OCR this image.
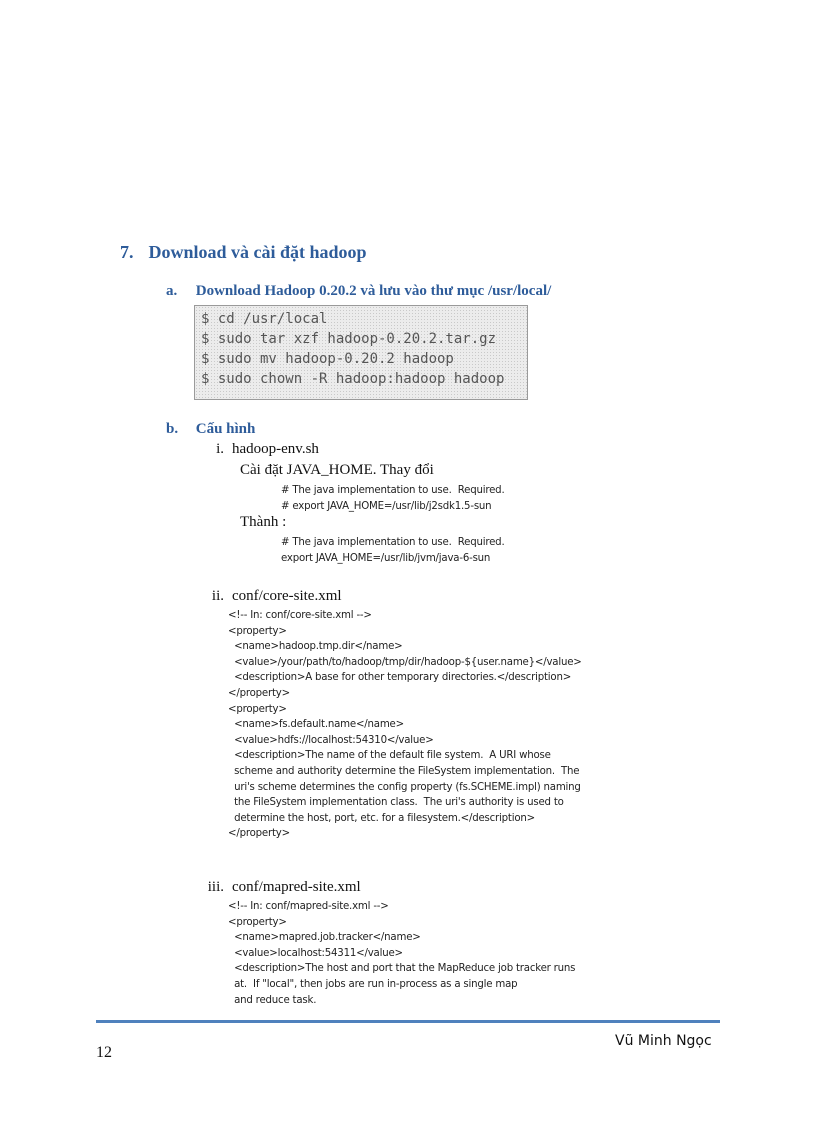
7. Download và cài đặt hadoop
a. Download Hadoop 0.20.2 và lưu vào thư mục /usr/local/
$ cd /usr/local
$ sudo tar xzf hadoop-0.20.2.tar.gz
$ sudo mv hadoop-0.20.2 hadoop
$ sudo chown -R hadoop:hadoop hadoop
b. Cấu hình
i. hadoop-env.sh
Cài đặt JAVA_HOME. Thay đổi
# The java implementation to use.  Required.
# export JAVA_HOME=/usr/lib/j2sdk1.5-sun
Thành :
# The java implementation to use.  Required.
export JAVA_HOME=/usr/lib/jvm/java-6-sun
ii. conf/core-site.xml
<!-- In: conf/core-site.xml -->
<property>
<name>hadoop.tmp.dir</name>
<value>/your/path/to/hadoop/tmp/dir/hadoop-${user.name}</value>
<description>A base for other temporary directories.</description>
</property>
<property>
<name>fs.default.name</name>
<value>hdfs://localhost:54310</value>
<description>The name of the default file system.  A URI whose
scheme and authority determine the FileSystem implementation.  The
uri's scheme determines the config property (fs.SCHEME.impl) naming
the FileSystem implementation class.  The uri's authority is used to
determine the host, port, etc. for a filesystem.</description>
</property>
iii. conf/mapred-site.xml
<!-- In: conf/mapred-site.xml -->
<property>
<name>mapred.job.tracker</name>
<value>localhost:54311</value>
<description>The host and port that the MapReduce job tracker runs
at.  If "local", then jobs are run in-process as a single map
and reduce task.
12
Vũ Minh Ngọc
